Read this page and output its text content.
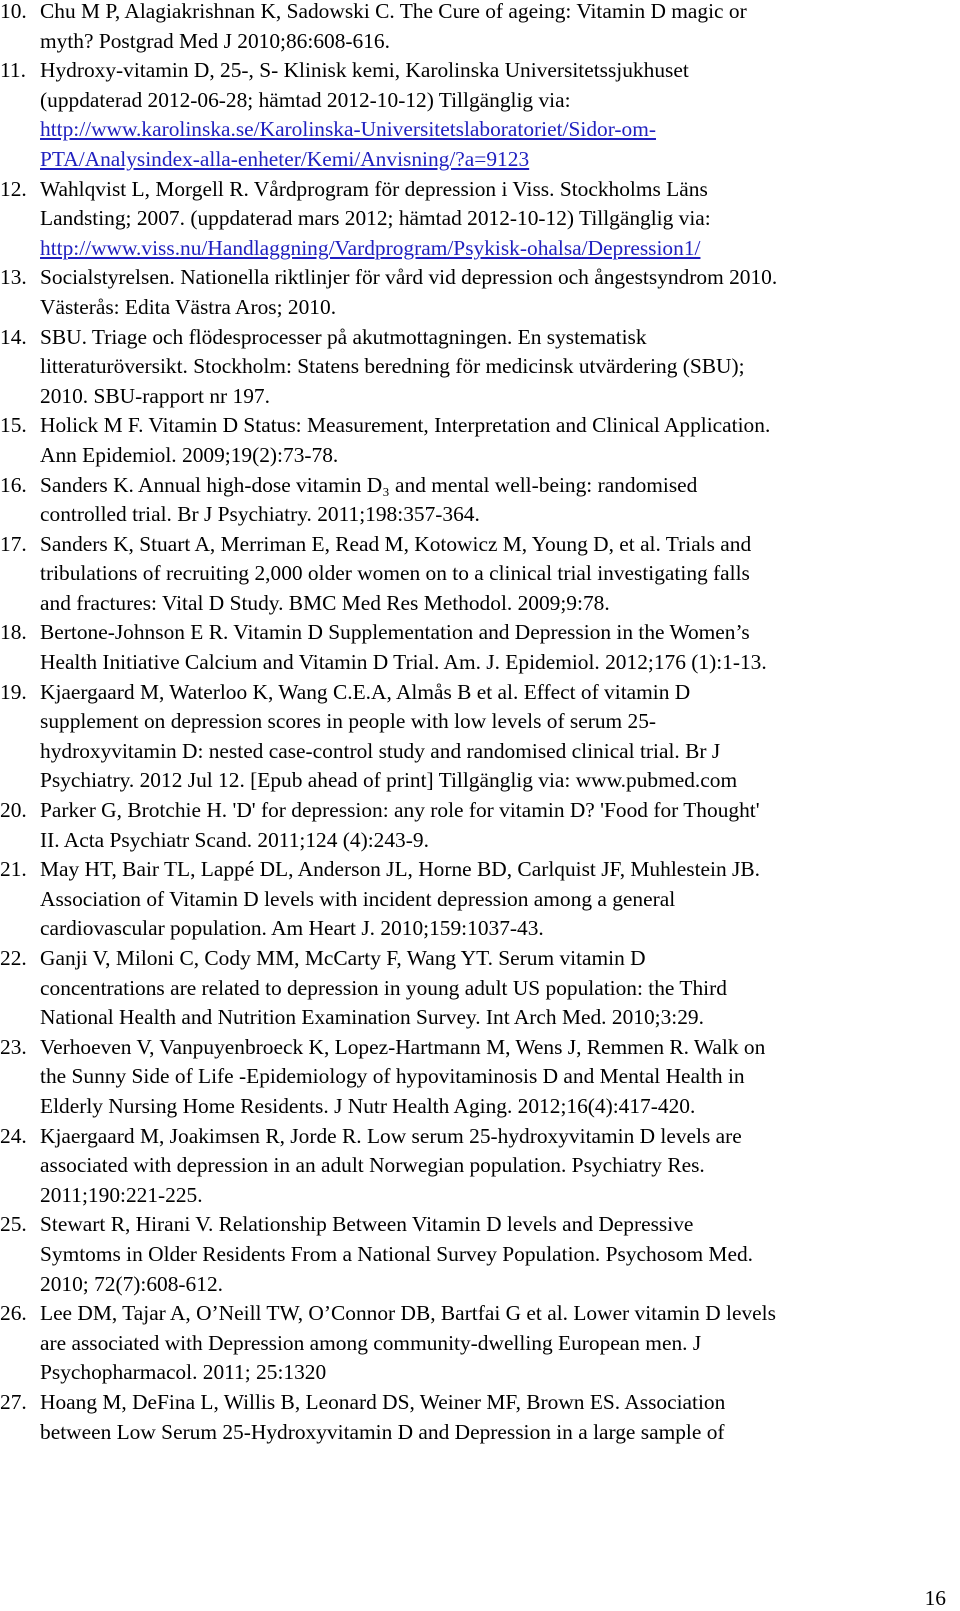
10. Chu M P, Alagiakrishnan K, Sadowski C. The Cure of ageing: Vitamin D magic or
myth? Postgrad Med J 2010;86:608-616.
11. Hydroxy-vitamin D, 25-, S- Klinisk kemi, Karolinska Universitetssjukhuset
(uppdaterad 2012-06-28; hämtad 2012-10-12) Tillgänglig via:
http://www.karolinska.se/Karolinska-Universitetslaboratoriet/Sidor-om-
PTA/Analysindex-alla-enheter/Kemi/Anvisning/?a=9123
12. Wahlqvist L, Morgell R. Vårdprogram för depression i Viss. Stockholms Läns
Landsting; 2007. (uppdaterad mars 2012; hämtad 2012-10-12) Tillgänglig via:
http://www.viss.nu/Handlaggning/Vardprogram/Psykisk-ohalsa/Depression1/
13. Socialstyrelsen. Nationella riktlinjer för vård vid depression och ångestsyndrom 2010.
Västerås: Edita Västra Aros; 2010.
14. SBU. Triage och flödesprocesser på akutmottagningen. En systematisk
litteraturöversikt. Stockholm: Statens beredning för medicinsk utvärdering (SBU);
2010. SBU-rapport nr 197.
15. Holick M F. Vitamin D Status: Measurement, Interpretation and Clinical Application.
Ann Epidemiol. 2009;19(2):73-78.
16. Sanders K. Annual high-dose vitamin D₃ and mental well-being: randomised
controlled trial. Br J Psychiatry. 2011;198:357-364.
17. Sanders K, Stuart A, Merriman E, Read M, Kotowicz M, Young D, et al. Trials and
tribulations of recruiting 2,000 older women on to a clinical trial investigating falls
and fractures: Vital D Study. BMC Med Res Methodol. 2009;9:78.
18. Bertone-Johnson E R. Vitamin D Supplementation and Depression in the Women’s
Health Initiative Calcium and Vitamin D Trial. Am. J. Epidemiol. 2012;176 (1):1-13.
19. Kjaergaard M, Waterloo K, Wang C.E.A, Almås B et al. Effect of vitamin D
supplement on depression scores in people with low levels of serum 25-
hydroxyvitamin D: nested case-control study and randomised clinical trial. Br J
Psychiatry. 2012 Jul 12. [Epub ahead of print] Tillgänglig via: www.pubmed.com
20. Parker G, Brotchie H. 'D' for depression: any role for vitamin D? 'Food for Thought'
II. Acta Psychiatr Scand. 2011;124 (4):243-9.
21. May HT, Bair TL, Lappé DL, Anderson JL, Horne BD, Carlquist JF, Muhlestein JB.
Association of Vitamin D levels with incident depression among a general
cardiovascular population. Am Heart J. 2010;159:1037-43.
22. Ganji V, Miloni C, Cody MM, McCarty F, Wang YT. Serum vitamin D
concentrations are related to depression in young adult US population: the Third
National Health and Nutrition Examination Survey. Int Arch Med. 2010;3:29.
23. Verhoeven V, Vanpuyenbroeck K, Lopez-Hartmann M, Wens J, Remmen R. Walk on
the Sunny Side of Life -Epidemiology of hypovitaminosis D and Mental Health in
Elderly Nursing Home Residents. J Nutr Health Aging. 2012;16(4):417-420.
24. Kjaergaard M, Joakimsen R, Jorde R. Low serum 25-hydroxyvitamin D levels are
associated with depression in an adult Norwegian population. Psychiatry Res.
2011;190:221-225.
25. Stewart R, Hirani V. Relationship Between Vitamin D levels and Depressive
Symtoms in Older Residents From a National Survey Population. Psychosom Med.
2010; 72(7):608-612.
26. Lee DM, Tajar A, O’Neill TW, O’Connor DB, Bartfai G et al. Lower vitamin D levels
are associated with Depression among community-dwelling European men. J
Psychopharmacol. 2011; 25:1320
27. Hoang M, DeFina L, Willis B, Leonard DS, Weiner MF, Brown ES. Association
between Low Serum 25-Hydroxyvitamin D and Depression in a large sample of
16
